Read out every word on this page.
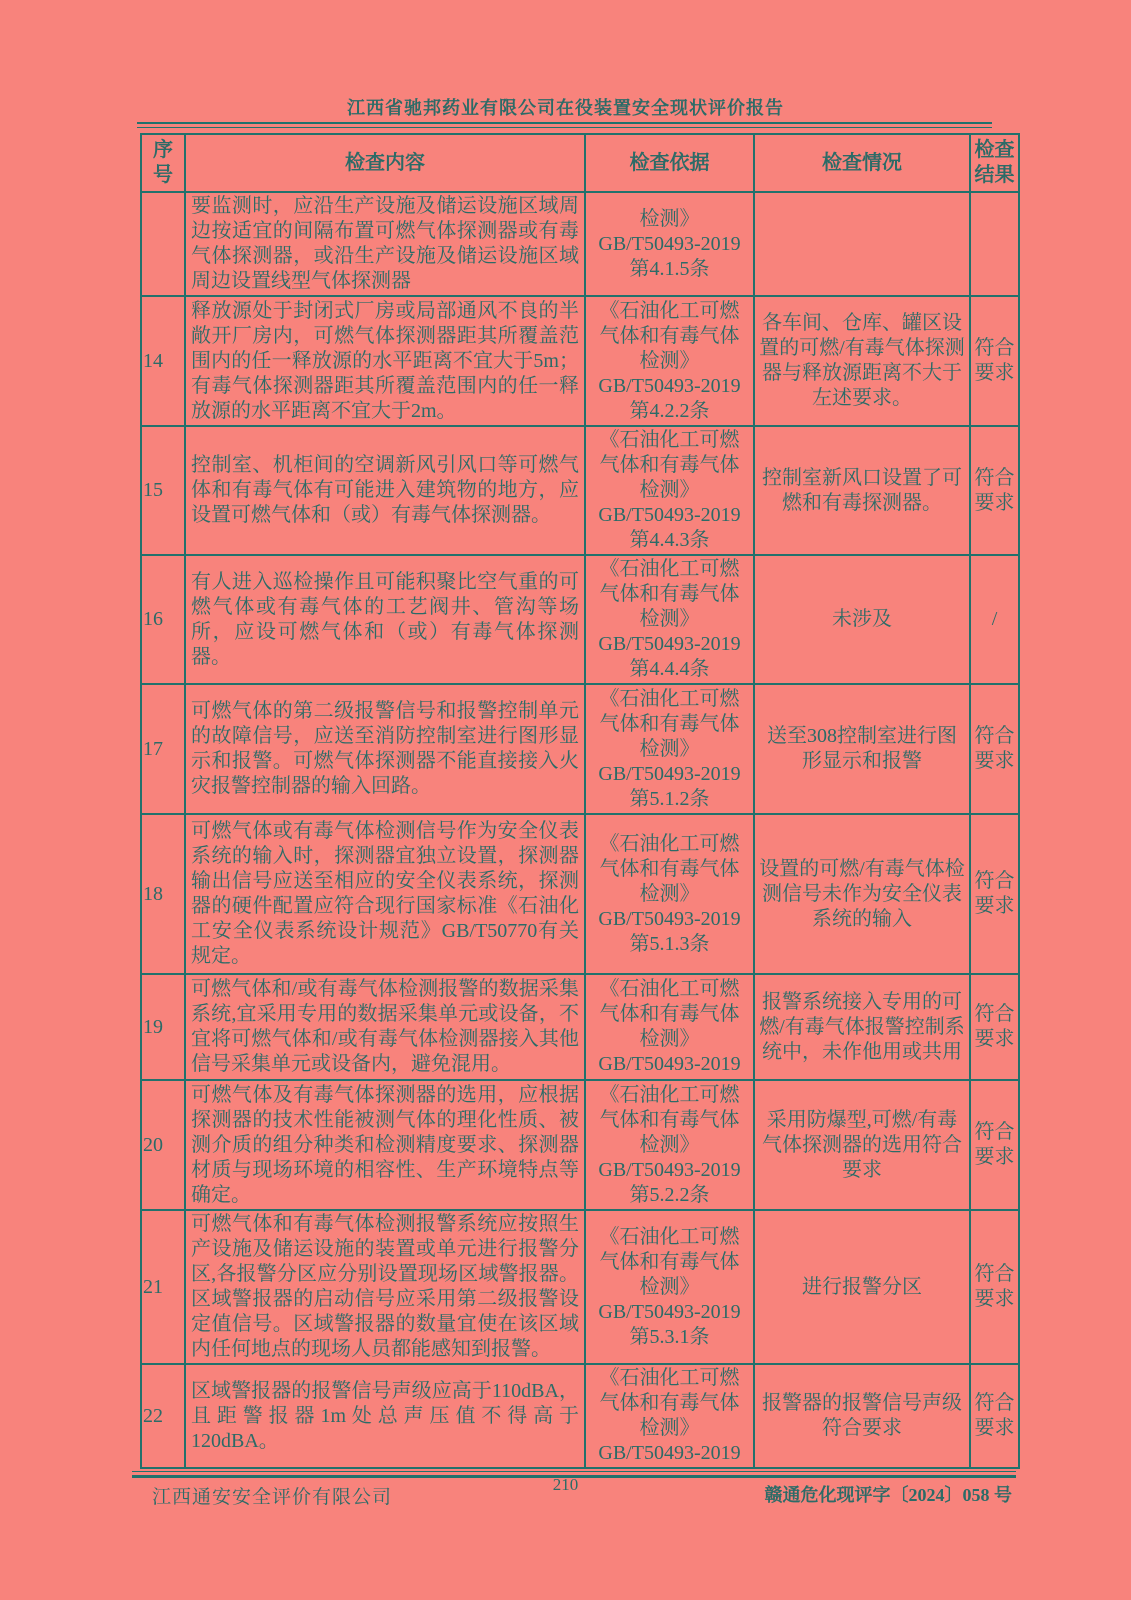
江西省驰邦药业有限公司在役装置安全现状评价报告
序号	检查内容	检查依据	检查情况	检查结果
	要监测时，应沿生产设施及储运设施区域周边按适宜的间隔布置可燃气体探测器或有毒气体探测器，或沿生产设施及储运设施区域周边设置线型气体探测器	检测》
GB/T50493-2019
第4.1.5条		

14	释放源处于封闭式厂房或局部通风不良的半敞开厂房内，可燃气体探测器距其所覆盖范围内的任一释放源的水平距离不宜大于5m；有毒气体探测器距其所覆盖范围内的任一释放源的水平距离不宜大于2m。	《石油化工可燃
气体和有毒气体
检测》
GB/T50493-2019
第4.2.2条	各车间、仓库、罐区设置的可燃/有毒气体探测器与释放源距离不大于左述要求。	符合要求
15	控制室、机柜间的空调新风引风口等可燃气体和有毒气体有可能进入建筑物的地方，应设置可燃气体和（或）有毒气体探测器。	《石油化工可燃
气体和有毒气体
检测》
GB/T50493-2019
第4.4.3条	控制室新风口设置了可燃和有毒探测器。	符合要求
16	有人进入巡检操作且可能积聚比空气重的可燃气体或有毒气体的工艺阀井、管沟等场所，应设可燃气体和（或）有毒气体探测器。	《石油化工可燃
气体和有毒气体
检测》
GB/T50493-2019
第4.4.4条	未涉及	/
17	可燃气体的第二级报警信号和报警控制单元的故障信号，应送至消防控制室进行图形显示和报警。可燃气体探测器不能直接接入火灾报警控制器的输入回路。	《石油化工可燃
气体和有毒气体
检测》
GB/T50493-2019
第5.1.2条	送至308控制室进行图形显示和报警	符合要求
18	可燃气体或有毒气体检测信号作为安全仪表系统的输入时，探测器宜独立设置，探测器输出信号应送至相应的安全仪表系统，探测器的硬件配置应符合现行国家标准《石油化工安全仪表系统设计规范》GB/T50770有关规定。	《石油化工可燃
气体和有毒气体
检测》
GB/T50493-2019
第5.1.3条	设置的可燃/有毒气体检测信号未作为安全仪表系统的输入	符合要求
19	可燃气体和/或有毒气体检测报警的数据采集系统,宜采用专用的数据采集单元或设备，不宜将可燃气体和/或有毒气体检测器接入其他信号采集单元或设备内，避免混用。	《石油化工可燃
气体和有毒气体
检测》
GB/T50493-2019	报警系统接入专用的可燃/有毒气体报警控制系统中，未作他用或共用	符合要求
20	可燃气体及有毒气体探测器的选用，应根据探测器的技术性能被测气体的理化性质、被测介质的组分种类和检测精度要求、探测器材质与现场环境的相容性、生产环境特点等确定。	《石油化工可燃
气体和有毒气体
检测》
GB/T50493-2019
第5.2.2条	采用防爆型,可燃/有毒气体探测器的选用符合要求	符合要求
21	可燃气体和有毒气体检测报警系统应按照生产设施及储运设施的装置或单元进行报警分区,各报警分区应分别设置现场区域警报器。区域警报器的启动信号应采用第二级报警设定值信号。区域警报器的数量宜使在该区域内任何地点的现场人员都能感知到报警。	《石油化工可燃
气体和有毒气体
检测》
GB/T50493-2019
第5.3.1条	进行报警分区	符合要求
22	区域警报器的报警信号声级应高于110dBA，且距警报器1m处总声压值不得高于120dBA。	《石油化工可燃
气体和有毒气体
检测》
GB/T50493-2019	报警器的报警信号声级符合要求	符合要求
江西通安安全评价有限公司
210
赣通危化现评字〔2024〕058 号
